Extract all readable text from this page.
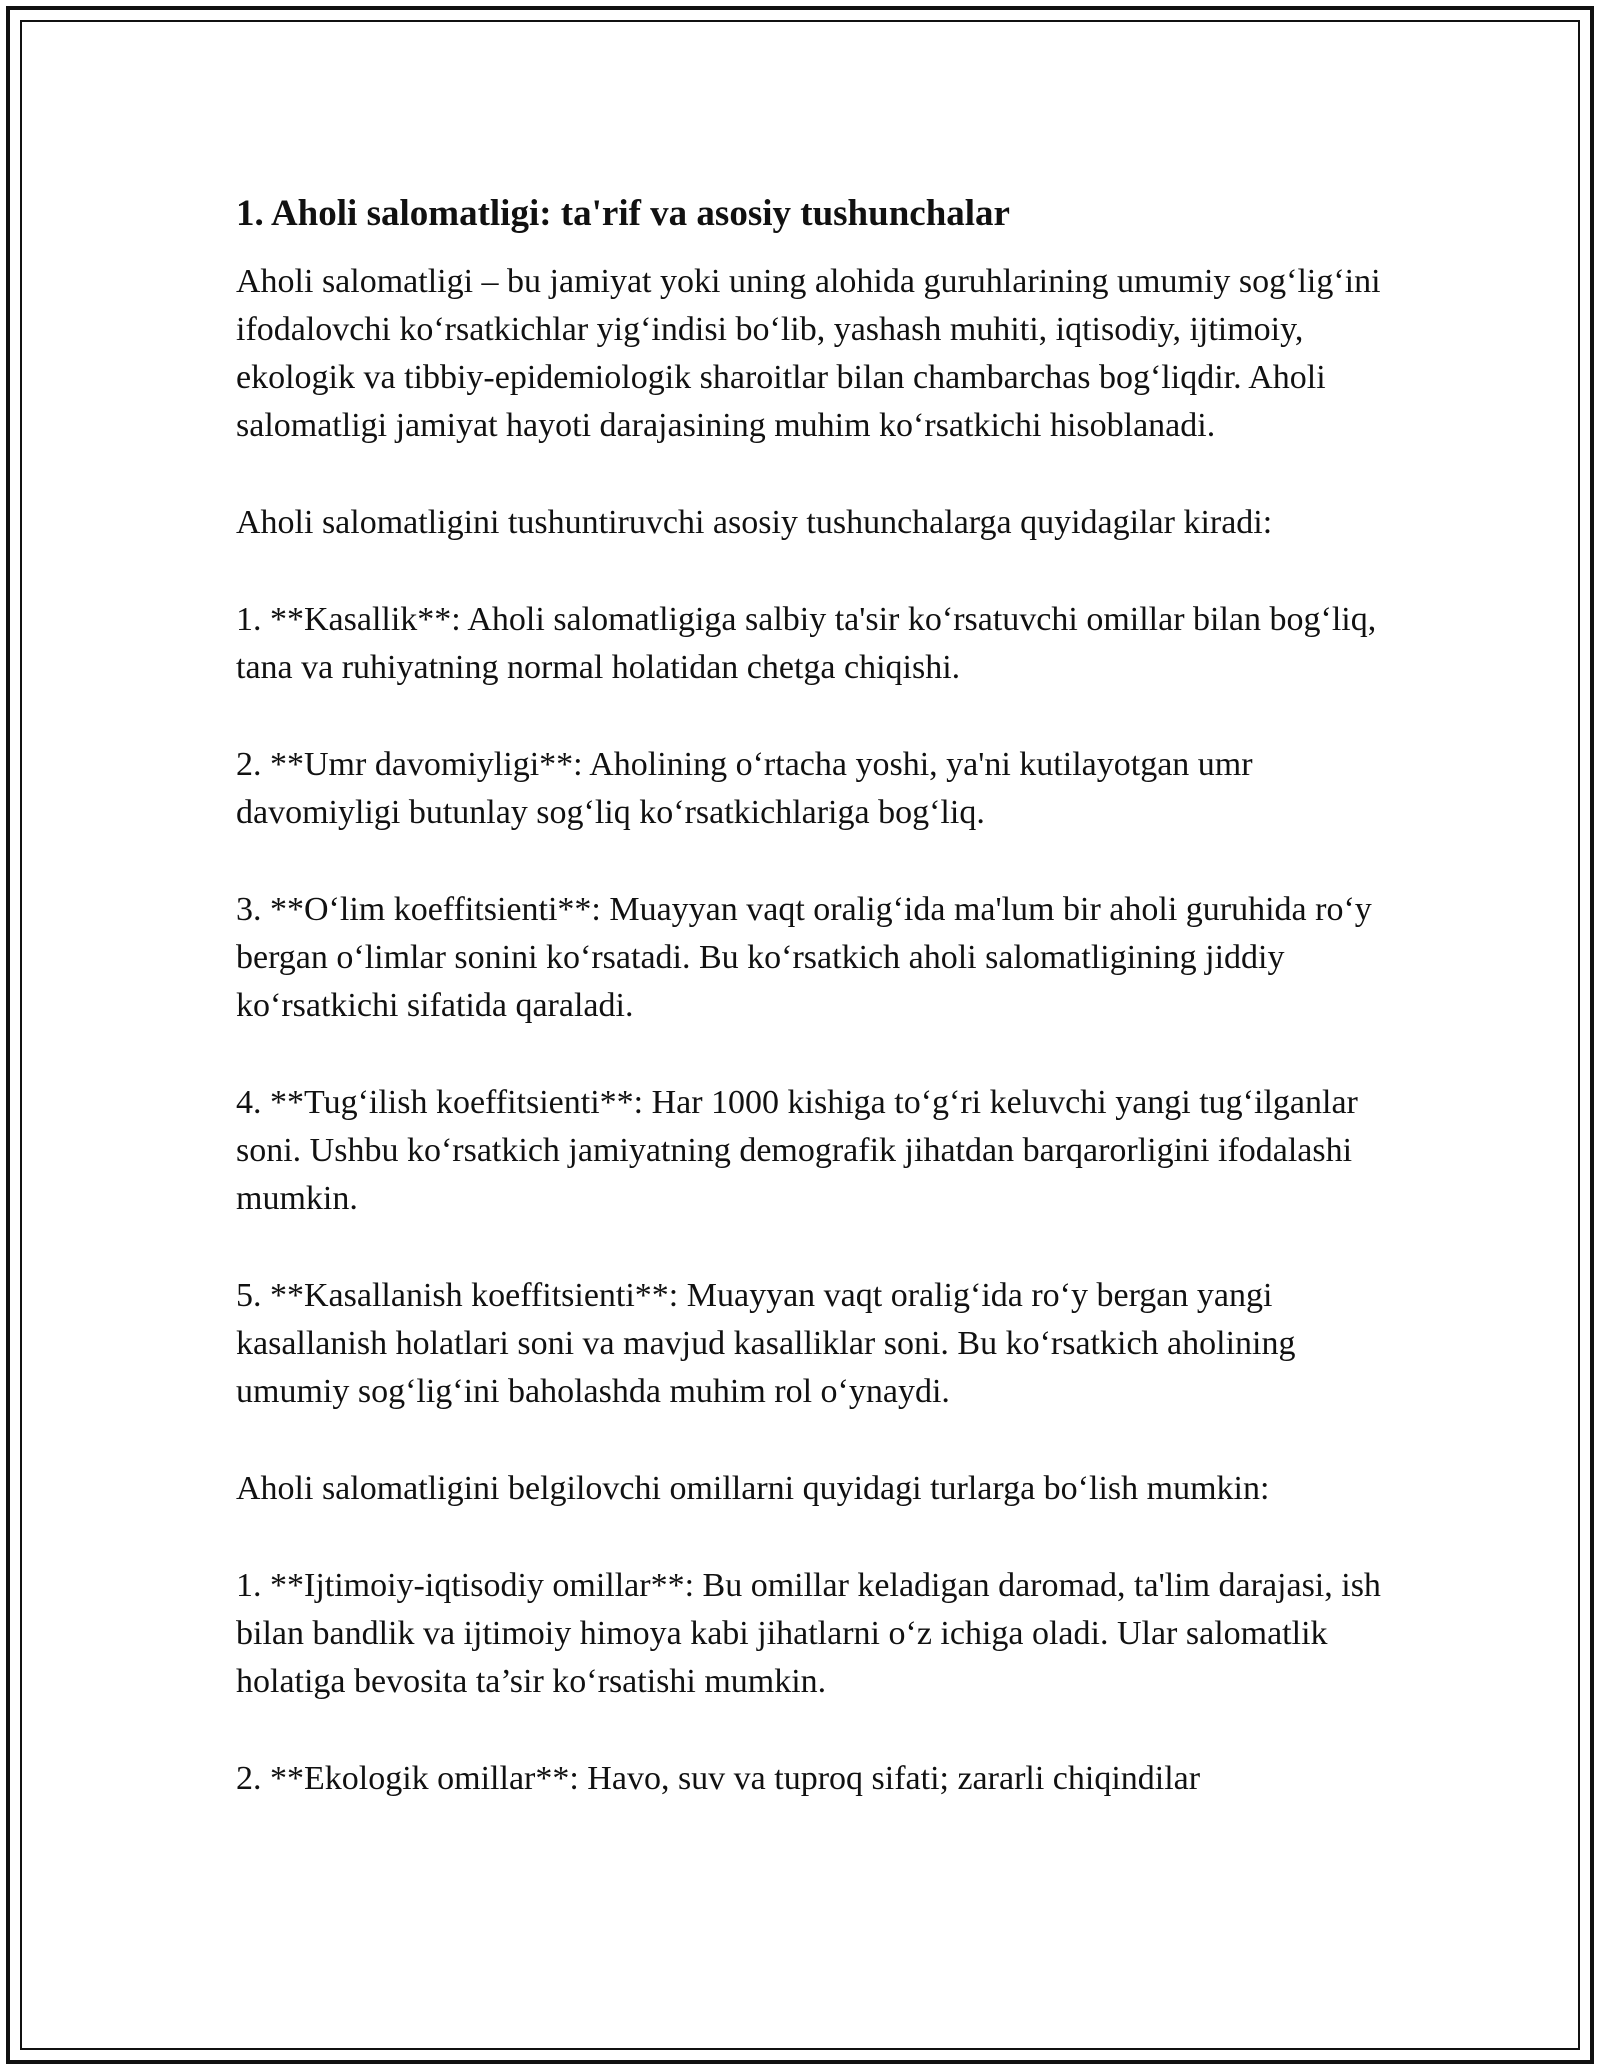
1. Aholi salomatligi: ta'rif va asosiy tushunchalar

Aholi salomatligi – bu jamiyat yoki uning alohida guruhlarining umumiy sog‘lig‘ini ifodalovchi ko‘rsatkichlar yig‘indisi bo‘lib, yashash muhiti, iqtisodiy, ijtimoiy, ekologik va tibbiy-epidemiologik sharoitlar bilan chambarchas bog‘liqdir. Aholi salomatligi jamiyat hayoti darajasining muhim ko‘rsatkichi hisoblanadi.

Aholi salomatligini tushuntiruvchi asosiy tushunchalarga quyidagilar kiradi:

1. **Kasallik**: Aholi salomatligiga salbiy ta'sir ko‘rsatuvchi omillar bilan bog‘liq, tana va ruhiyatning normal holatidan chetga chiqishi.

2. **Umr davomiyligi**: Aholining o‘rtacha yoshi, ya'ni kutilayotgan umr davomiyligi butunlay sog‘liq ko‘rsatkichlariga bog‘liq.

3. **O‘lim koeffitsienti**: Muayyan vaqt oralig‘ida ma'lum bir aholi guruhida ro‘y bergan o‘limlar sonini ko‘rsatadi. Bu ko‘rsatkich aholi salomatligining jiddiy ko‘rsatkichi sifatida qaraladi.

4. **Tug‘ilish koeffitsienti**: Har 1000 kishiga to‘g‘ri keluvchi yangi tug‘ilganlar soni. Ushbu ko‘rsatkich jamiyatning demografik jihatdan barqarorligini ifodalashi mumkin.

5. **Kasallanish koeffitsienti**: Muayyan vaqt oralig‘ida ro‘y bergan yangi kasallanish holatlari soni va mavjud kasalliklar soni. Bu ko‘rsatkich aholining umumiy sog‘lig‘ini baholashda muhim rol o‘ynaydi.

Aholi salomatligini belgilovchi omillarni quyidagi turlarga bo‘lish mumkin:

1. **Ijtimoiy-iqtisodiy omillar**: Bu omillar keladigan daromad, ta'lim darajasi, ish bilan bandlik va ijtimoiy himoya kabi jihatlarni o‘z ichiga oladi. Ular salomatlik holatiga bevosita ta’sir ko‘rsatishi mumkin.

2. **Ekologik omillar**: Havo, suv va tuproq sifati; zararli chiqindilar
